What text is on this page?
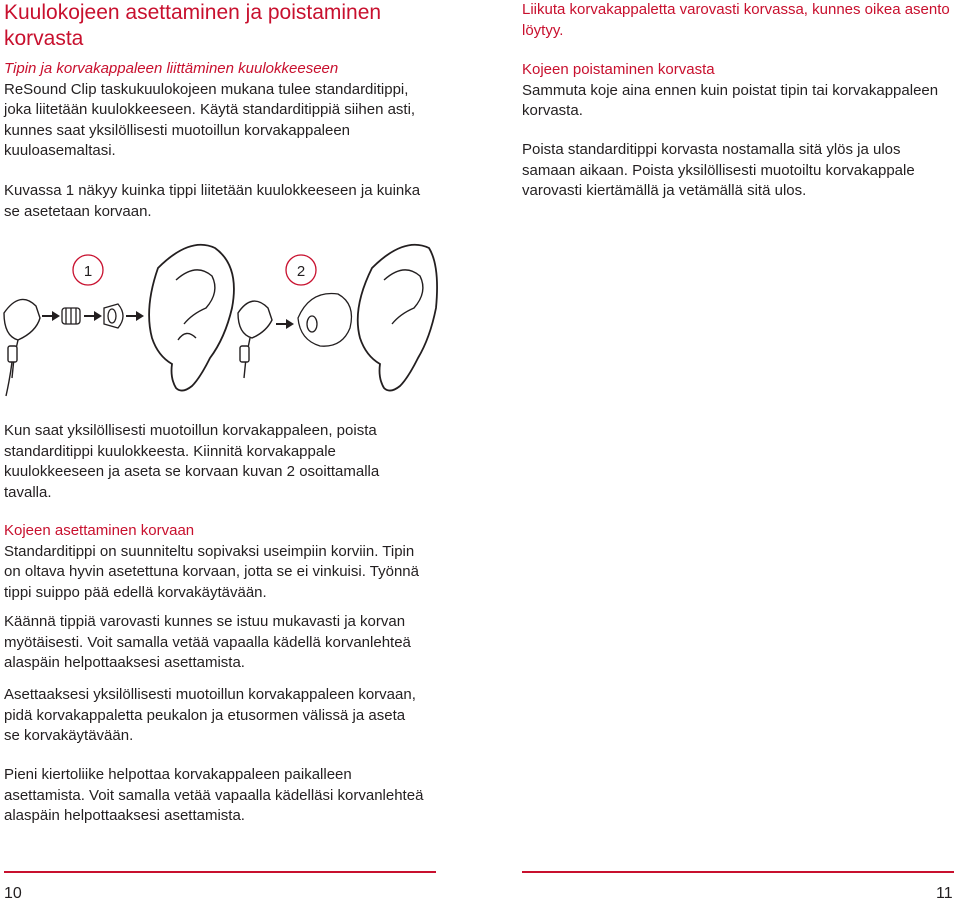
Kuulokojeen asettaminen ja poistaminen korvasta

Tipin ja korvakappaleen liittäminen kuulokkeeseen

ReSound Clip taskukuulokojeen mukana tulee standarditippi, joka liitetään kuulokkeeseen. Käytä standarditippiä siihen asti, kunnes saat yksilöllisesti muotoillun korvakappaleen kuuloasemaltasi.

Kuvassa 1 näkyy kuinka tippi liitetään kuulokkeeseen ja kuinka se asetetaan korvaan.

1	2

Kun saat yksilöllisesti muotoillun korvakappaleen, poista standarditippi kuulokkeesta. Kiinnitä korvakappale kuulokkeeseen ja aseta se korvaan kuvan 2 osoittamalla tavalla.

Kojeen asettaminen korvaan

Standarditippi on suunniteltu sopivaksi useimpiin korviin. Tipin on oltava hyvin asetettuna korvaan, jotta se ei vinkuisi. Työnnä tippi suippo pää edellä korvakäytävään.

Käännä tippiä varovasti kunnes se istuu mukavasti ja korvan myötäisesti. Voit samalla vetää vapaalla kädellä korvanlehteä alaspäin helpottaaksesi asettamista.

Asettaaksesi yksilöllisesti muotoillun korvakappaleen korvaan, pidä korvakappaletta peukalon ja etusormen välissä ja aseta se korvakäytävään.

Pieni kiertoliike helpottaa korvakappaleen paikalleen asettamista. Voit samalla vetää vapaalla kädelläsi korvanlehteä alaspäin helpottaaksesi asettamista.

10

Liikuta korvakappaletta varovasti korvassa, kunnes oikea asento löytyy.

Kojeen poistaminen korvasta

Sammuta koje aina ennen kuin poistat tipin tai korvakappaleen korvasta.

Poista standarditippi korvasta nostamalla sitä ylös ja ulos samaan aikaan. Poista yksilöllisesti muotoiltu korvakappale varovasti kiertämällä ja vetämällä sitä ulos.

11
